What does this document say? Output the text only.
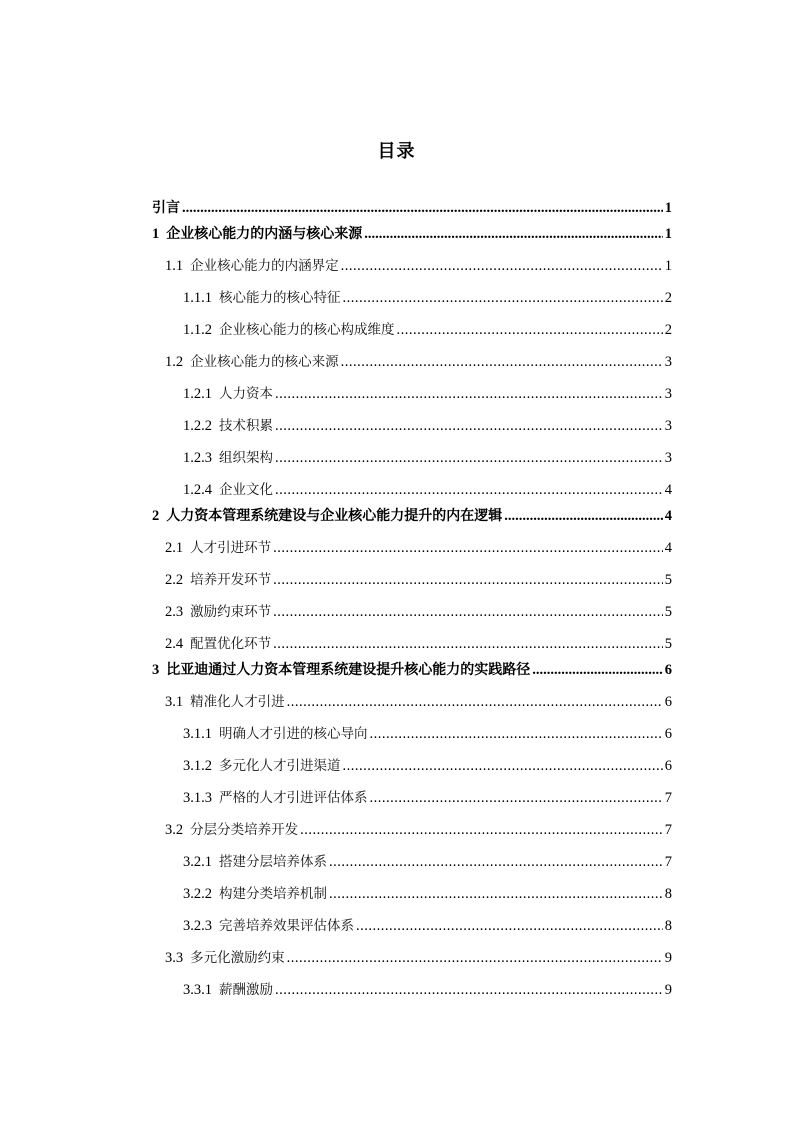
目录
引言 .....	1
1 企业核心能力的内涵与核心来源 .....	1
1.1 企业核心能力的内涵界定 .....	1
1.1.1 核心能力的核心特征 .....	2
1.1.2 企业核心能力的核心构成维度 .....	2
1.2 企业核心能力的核心来源 .....	3
1.2.1 人力资本 .....	3
1.2.2 技术积累 .....	3
1.2.3 组织架构 .....	3
1.2.4 企业文化 .....	4
2 人力资本管理系统建设与企业核心能力提升的内在逻辑 .....	4
2.1 人才引进环节 .....	4
2.2 培养开发环节 .....	5
2.3 激励约束环节 .....	5
2.4 配置优化环节 .....	5
3 比亚迪通过人力资本管理系统建设提升核心能力的实践路径 .....	6
3.1 精准化人才引进 .....	6
3.1.1 明确人才引进的核心导向 .....	6
3.1.2 多元化人才引进渠道 .....	6
3.1.3 严格的人才引进评估体系 .....	7
3.2 分层分类培养开发 .....	7
3.2.1 搭建分层培养体系 .....	7
3.2.2 构建分类培养机制 .....	8
3.2.3 完善培养效果评估体系 .....	8
3.3 多元化激励约束 .....	9
3.3.1 薪酬激励 .....	9
